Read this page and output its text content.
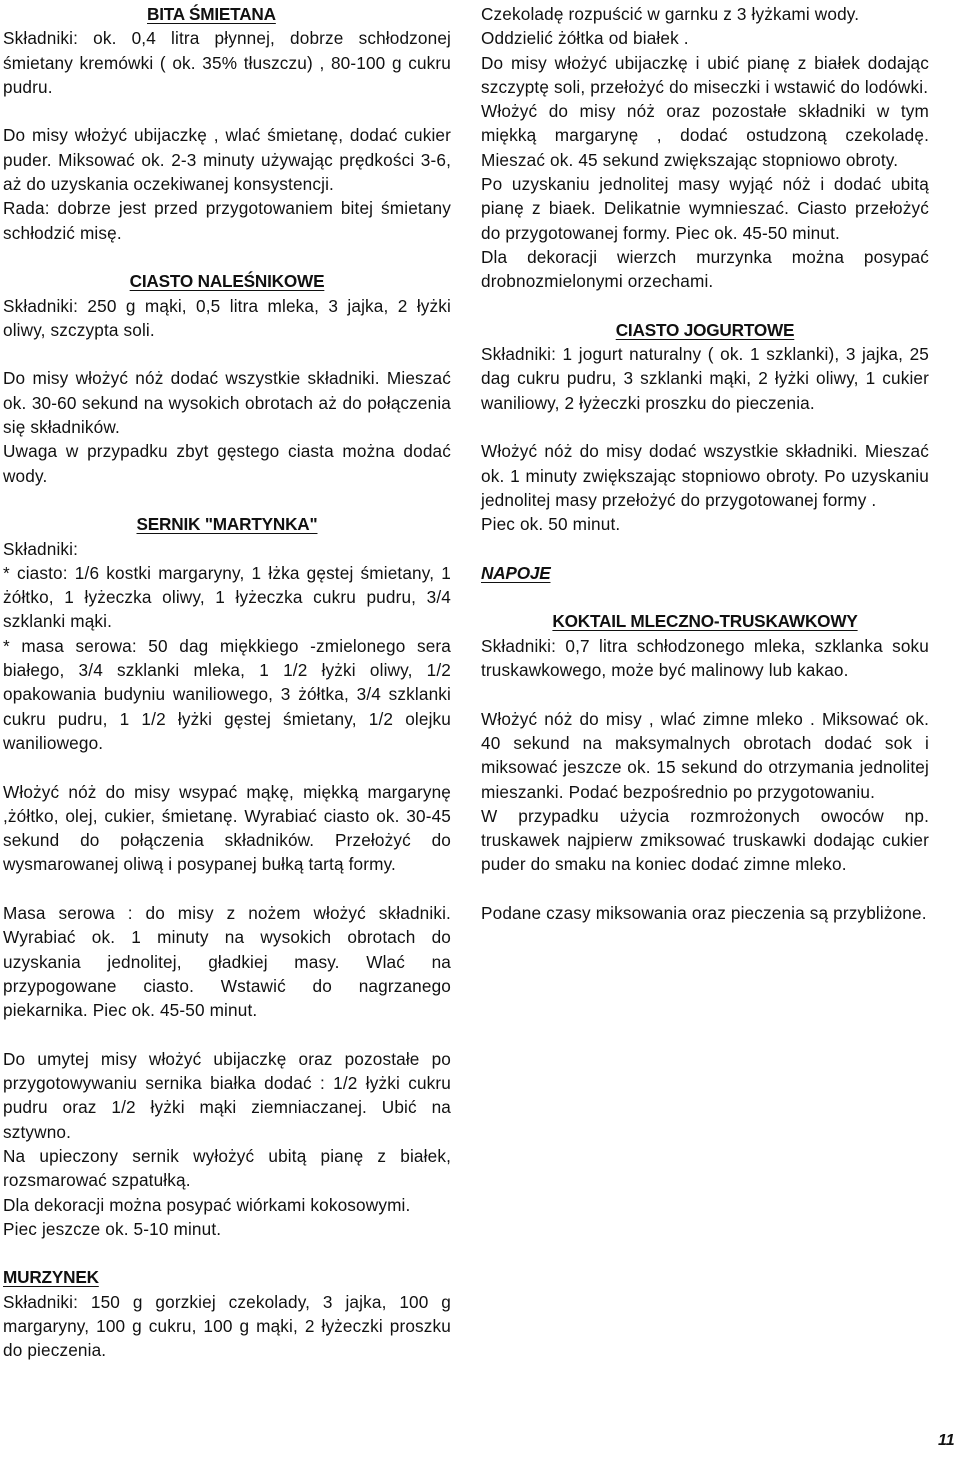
BITA ŚMIETANA

Składniki: ok. 0,4 litra płynnej, dobrze schłodzonej śmietany kremówki ( ok. 35% tłuszczu) , 80-100 g cukru pudru.

Do misy włożyć ubijaczkę , wlać śmietanę, dodać cukier puder. Miksować ok. 2-3 minuty używając prędkości 3-6, aż do uzyskania oczekiwanej konsystencji.

Rada: dobrze jest przed przygotowaniem bitej śmietany schłodzić misę.

CIASTO NALEŚNIKOWE

Składniki: 250 g mąki, 0,5 litra mleka, 3 jajka, 2 łyżki oliwy, szczypta soli.

Do misy włożyć nóż dodać wszystkie składniki. Mieszać ok. 30-60 sekund na wysokich obrotach aż do połączenia się składników.

Uwaga w przypadku zbyt gęstego ciasta można dodać wody.

SERNIK "MARTYNKA"

Składniki:

* ciasto: 1/6 kostki margaryny, 1 łżka gęstej śmietany, 1 żółtko, 1 łyżeczka oliwy, 1 łyżeczka cukru pudru, 3/4 szklanki mąki.

* masa serowa: 50 dag miękkiego -zmielonego sera białego, 3/4 szklanki mleka, 1 1/2 łyżki oliwy, 1/2 opakowania budyniu waniliowego, 3 żółtka, 3/4 szklanki cukru pudru, 1 1/2 łyżki gęstej śmietany, 1/2 olejku waniliowego.

Włożyć nóż do misy wsypać mąkę, miękką margarynę ,żółtko, olej, cukier, śmietanę. Wyrabiać ciasto ok. 30-45 sekund do połączenia składników. Przełożyć do wysmarowanej oliwą i posypanej bułką tartą formy.

Masa serowa : do misy z nożem włożyć składniki. Wyrabiać ok. 1 minuty na wysokich obrotach do uzyskania jednolitej, gładkiej masy. Wlać na przypogowane ciasto. Wstawić do nagrzanego piekarnika. Piec ok. 45-50 minut.

Do umytej misy włożyć ubijaczkę oraz pozostałe po przygotowywaniu sernika białka dodać : 1/2 łyżki cukru pudru oraz 1/2 łyżki mąki ziemniaczanej. Ubić na sztywno.

Na upieczony sernik wyłożyć ubitą pianę z białek, rozsmarować szpatułką.

Dla dekoracji można posypać wiórkami kokosowymi.

Piec jeszcze ok. 5-10 minut.

MURZYNEK

Składniki: 150 g gorzkiej czekolady, 3 jajka, 100 g margaryny, 100 g cukru, 100 g mąki, 2 łyżeczki proszku do pieczenia.

Czekoladę rozpuścić w garnku z 3 łyżkami wody.

Oddzielić żółtka od białek .

Do misy włożyć ubijaczkę i ubić pianę z białek dodając szczyptę soli, przełożyć do miseczki i wstawić do lodówki.

Włożyć do misy nóż oraz pozostałe składniki w tym miękką margarynę , dodać ostudzoną czekoladę. Mieszać ok. 45 sekund zwiększając stopniowo obroty.

Po uzyskaniu jednolitej masy wyjąć nóż i dodać ubitą pianę z biaek. Delikatnie wymnieszać. Ciasto przełożyć do przygotowanej formy. Piec ok. 45-50 minut.

Dla dekoracji wierzch murzynka można posypać drobnozmielonymi orzechami.

CIASTO JOGURTOWE

Składniki: 1 jogurt naturalny ( ok. 1 szklanki), 3 jajka, 25 dag cukru pudru, 3 szklanki mąki, 2 łyżki oliwy, 1 cukier waniliowy, 2 łyżeczki proszku do pieczenia.

Włożyć nóż do misy dodać wszystkie składniki. Mieszać ok. 1 minuty zwiększając stopniowo obroty. Po uzyskaniu jednolitej masy przełożyć do przygotowanej formy .

Piec ok. 50 minut.

NAPOJE
KOKTAIL MLECZNO-TRUSKAWKOWY

Składniki: 0,7 litra schłodzonego mleka, szklanka soku truskawkowego, może być malinowy lub kakao.

Włożyć nóż do misy , wlać zimne mleko . Miksować ok. 40 sekund na maksymalnych obrotach dodać sok i miksować jeszcze ok. 15 sekund do otrzymania jednolitej mieszanki. Podać bezpośrednio po przygotowaniu.

W przypadku użycia rozmrożonych owoców np. truskawek najpierw zmiksować truskawki dodając cukier puder do smaku na koniec dodać zimne mleko.

Podane czasy miksowania oraz pieczenia są przybliżone.

11
